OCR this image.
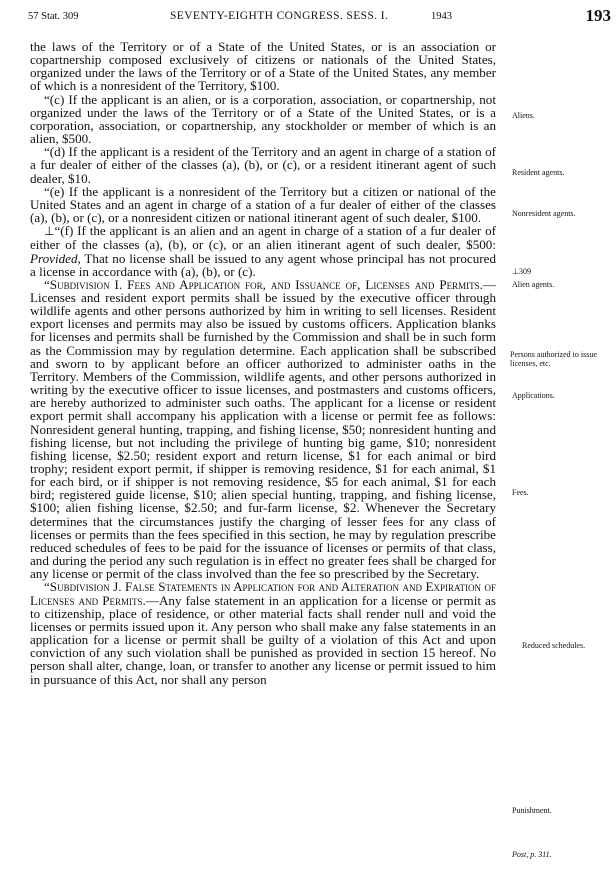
57 Stat. 309	SEVENTY-EIGHTH CONGRESS. SESS. I.	1943	193

the laws of the Territory or of a State of the United States, or is an association or copartnership composed exclusively of citizens or nationals of the United States, organized under the laws of the Territory or of a State of the United States, any member of which is a nonresident of the Territory, $100.

“(c) If the applicant is an alien, or is a corporation, association, or copartnership, not organized under the laws of the Territory or of a State of the United States, or is a corporation, association, or copartnership, any stockholder or member of which is an alien, $500.

“(d) If the applicant is a resident of the Territory and an agent in charge of a station of a fur dealer of either of the classes (a), (b), or (c), or a resident itinerant agent of such dealer, $10.

“(e) If the applicant is a nonresident of the Territory but a citizen or national of the United States and an agent in charge of a station of a fur dealer of either of the classes (a), (b), or (c), or a nonresident citizen or national itinerant agent of such dealer, $100.

⊥“(f) If the applicant is an alien and an agent in charge of a station of a fur dealer of either of the classes (a), (b), or (c), or an alien itinerant agent of such dealer, $500: Provided, That no license shall be issued to any agent whose principal has not procured a license in accordance with (a), (b), or (c).

“Subdivision I. Fees and Application for, and Issuance of, Licenses and Permits.—Licenses and resident export permits shall be issued by the executive officer through wildlife agents and other persons authorized by him in writing to sell licenses. Resident export licenses and permits may also be issued by customs officers. Application blanks for licenses and permits shall be furnished by the Commission and shall be in such form as the Commission may by regulation determine. Each application shall be subscribed and sworn to by applicant before an officer authorized to administer oaths in the Territory. Members of the Commission, wildlife agents, and other persons authorized in writing by the executive officer to issue licenses, and postmasters and customs officers, are hereby authorized to administer such oaths. The applicant for a license or resident export permit shall accompany his application with a license or permit fee as follows: Nonresident general hunting, trapping, and fishing license, $50; nonresident hunting and fishing license, but not including the privilege of hunting big game, $10; nonresident fishing license, $2.50; resident export and return license, $1 for each animal or bird trophy; resident export permit, if shipper is removing residence, $1 for each animal, $1 for each bird, or if shipper is not removing residence, $5 for each animal, $1 for each bird; registered guide license, $10; alien special hunting, trapping, and fishing license, $100; alien fishing license, $2.50; and fur-farm license, $2. Whenever the Secretary determines that the circumstances justify the charging of lesser fees for any class of licenses or permits than the fees specified in this section, he may by regulation prescribe reduced schedules of fees to be paid for the issuance of licenses or permits of that class, and during the period any such regulation is in effect no greater fees shall be charged for any license or permit of the class involved than the fee so prescribed by the Secretary.

“Subdivision J. False Statements in Application for and Alteration and Expiration of Licenses and Permits.—Any false statement in an application for a license or permit as to citizenship, place of residence, or other material facts shall render null and void the licenses or permits issued upon it. Any person who shall make any false statements in an application for a license or permit shall be guilty of a violation of this Act and upon conviction of any such violation shall be punished as provided in section 15 hereof. No person shall alter, change, loan, or transfer to another any license or permit issued to him in pursuance of this Act, nor shall any person

Aliens.
Resident agents.
Nonresident agents.
⊥309
Alien agents.
Persons authorized to issue licenses, etc.
Applications.
Fees.
Reduced schedules.
Punishment.
Post, p. 311.
